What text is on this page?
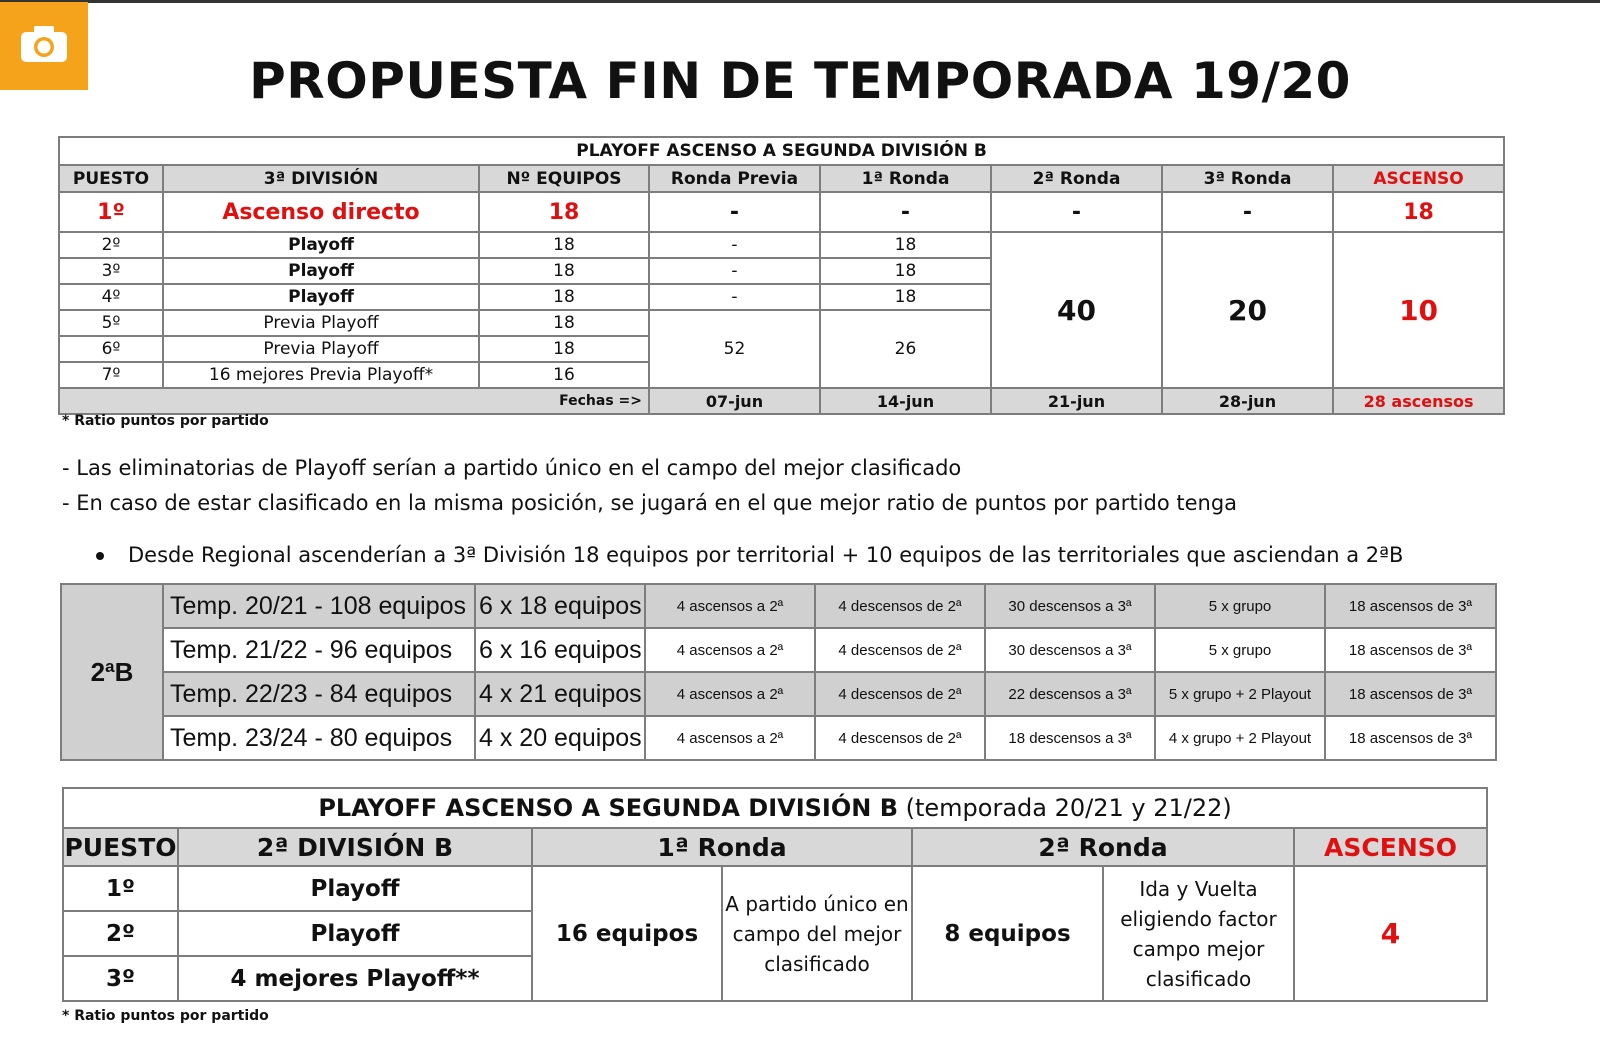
PROPUESTA FIN DE TEMPORADA 19/20
PLAYOFF ASCENSO A SEGUNDA DIVISIÓN B							
PUESTO	3ª DIVISIÓN	Nº EQUIPOS	Ronda Previa	1ª Ronda	2ª Ronda	3ª Ronda	ASCENSO
1º	Ascenso directo	18	-	-	-	-	18
2º	Playoff	18	-	18	40	20	10
3º	Playoff	18	-	18			
4º	Playoff	18	-	18			
5º	Previa Playoff	18	52	26			
6º	Previa Playoff	18					
7º	16 mejores Previa Playoff*	16					
Fechas =>			07-jun	14-jun	21-jun	28-jun	28 ascensos
* Ratio puntos por partido
- Las eliminatorias de Playoff serían a partido único en el campo del mejor clasificado
- En caso de estar clasificado en la misma posición, se jugará en el que mejor ratio de puntos por partido tenga
Desde Regional ascenderían a 3ª División 18 equipos por territorial + 10 equipos de las territoriales que asciendan a 2ªB
2ªB	Temp. 20/21 - 108 equipos	6 x 18 equipos	4 ascensos a 2ª	4 descensos de 2ª	30 descensos a 3ª	5 x grupo	18 ascensos de 3ª
	Temp. 21/22 - 96 equipos	6 x 16 equipos	4 ascensos a 2ª	4 descensos de 2ª	30 descensos a 3ª	5 x grupo	18 ascensos de 3ª
	Temp. 22/23 - 84 equipos	4 x 21 equipos	4 ascensos a 2ª	4 descensos de 2ª	22 descensos a 3ª	5 x grupo + 2 Playout	18 ascensos de 3ª
	Temp. 23/24 - 80 equipos	4 x 20 equipos	4 ascensos a 2ª	4 descensos de 2ª	18 descensos a 3ª	4 x grupo + 2 Playout	18 ascensos de 3ª
PLAYOFF ASCENSO A SEGUNDA DIVISIÓN B (temporada 20/21 y 21/22)						
PUESTO	2ª DIVISIÓN B	1ª Ronda		2ª Ronda		ASCENSO
1º	Playoff	16 equipos	A partido único en campo del mejor clasificado	8 equipos	Ida y Vuelta eligiendo factor campo mejor clasificado	4
2º	Playoff					
3º	4 mejores Playoff**					
* Ratio puntos por partido
